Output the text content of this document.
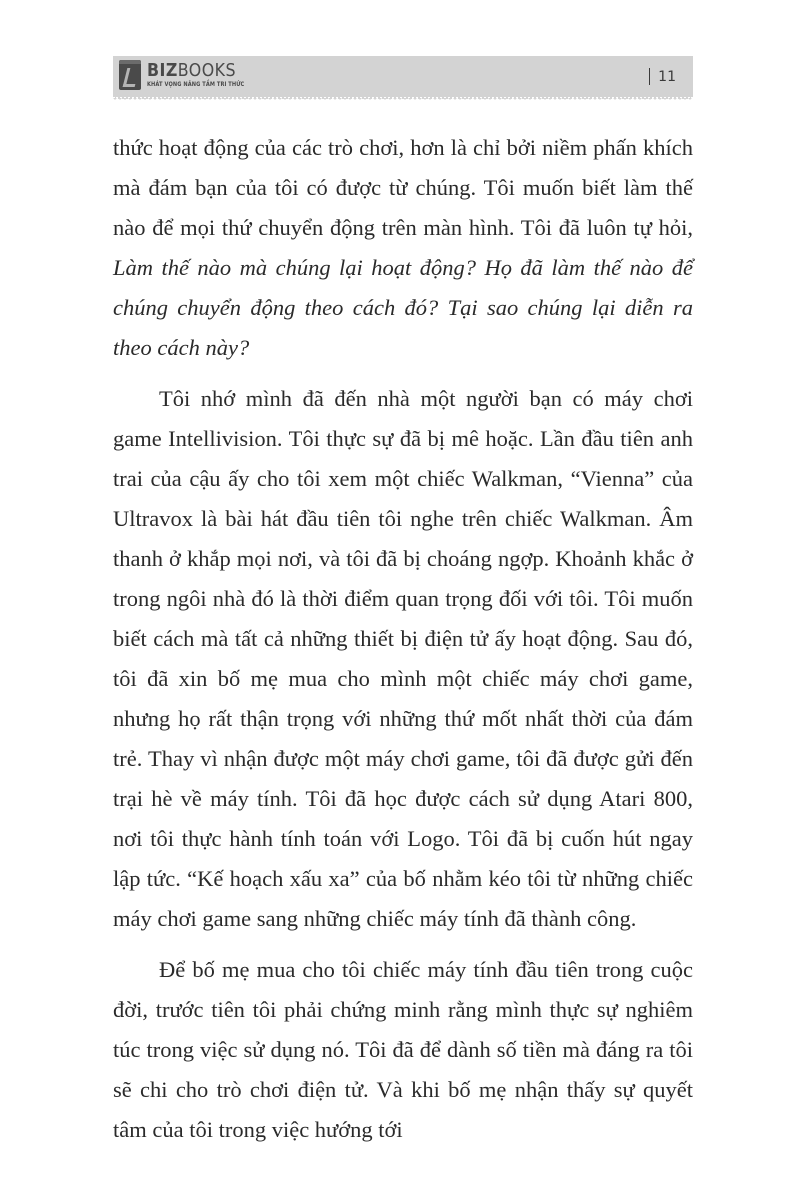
BIZBOOKS
KHÁT VỌNG NÂNG TẦM TRI THỨC	11

thức hoạt động của các trò chơi, hơn là chỉ bởi niềm phấn khích mà đám bạn của tôi có được từ chúng. Tôi muốn biết làm thế nào để mọi thứ chuyển động trên màn hình. Tôi đã luôn tự hỏi, Làm thế nào mà chúng lại hoạt động? Họ đã làm thế nào để chúng chuyển động theo cách đó? Tại sao chúng lại diễn ra theo cách này?

Tôi nhớ mình đã đến nhà một người bạn có máy chơi game Intellivision. Tôi thực sự đã bị mê hoặc. Lần đầu tiên anh trai của cậu ấy cho tôi xem một chiếc Walkman, “Vienna” của Ultravox là bài hát đầu tiên tôi nghe trên chiếc Walkman. Âm thanh ở khắp mọi nơi, và tôi đã bị choáng ngợp. Khoảnh khắc ở trong ngôi nhà đó là thời điểm quan trọng đối với tôi. Tôi muốn biết cách mà tất cả những thiết bị điện tử ấy hoạt động. Sau đó, tôi đã xin bố mẹ mua cho mình một chiếc máy chơi game, nhưng họ rất thận trọng với những thứ mốt nhất thời của đám trẻ. Thay vì nhận được một máy chơi game, tôi đã được gửi đến trại hè về máy tính. Tôi đã học được cách sử dụng Atari 800, nơi tôi thực hành tính toán với Logo. Tôi đã bị cuốn hút ngay lập tức. “Kế hoạch xấu xa” của bố nhằm kéo tôi từ những chiếc máy chơi game sang những chiếc máy tính đã thành công.

Để bố mẹ mua cho tôi chiếc máy tính đầu tiên trong cuộc đời, trước tiên tôi phải chứng minh rằng mình thực sự nghiêm túc trong việc sử dụng nó. Tôi đã để dành số tiền mà đáng ra tôi sẽ chi cho trò chơi điện tử. Và khi bố mẹ nhận thấy sự quyết tâm của tôi trong việc hướng tới
